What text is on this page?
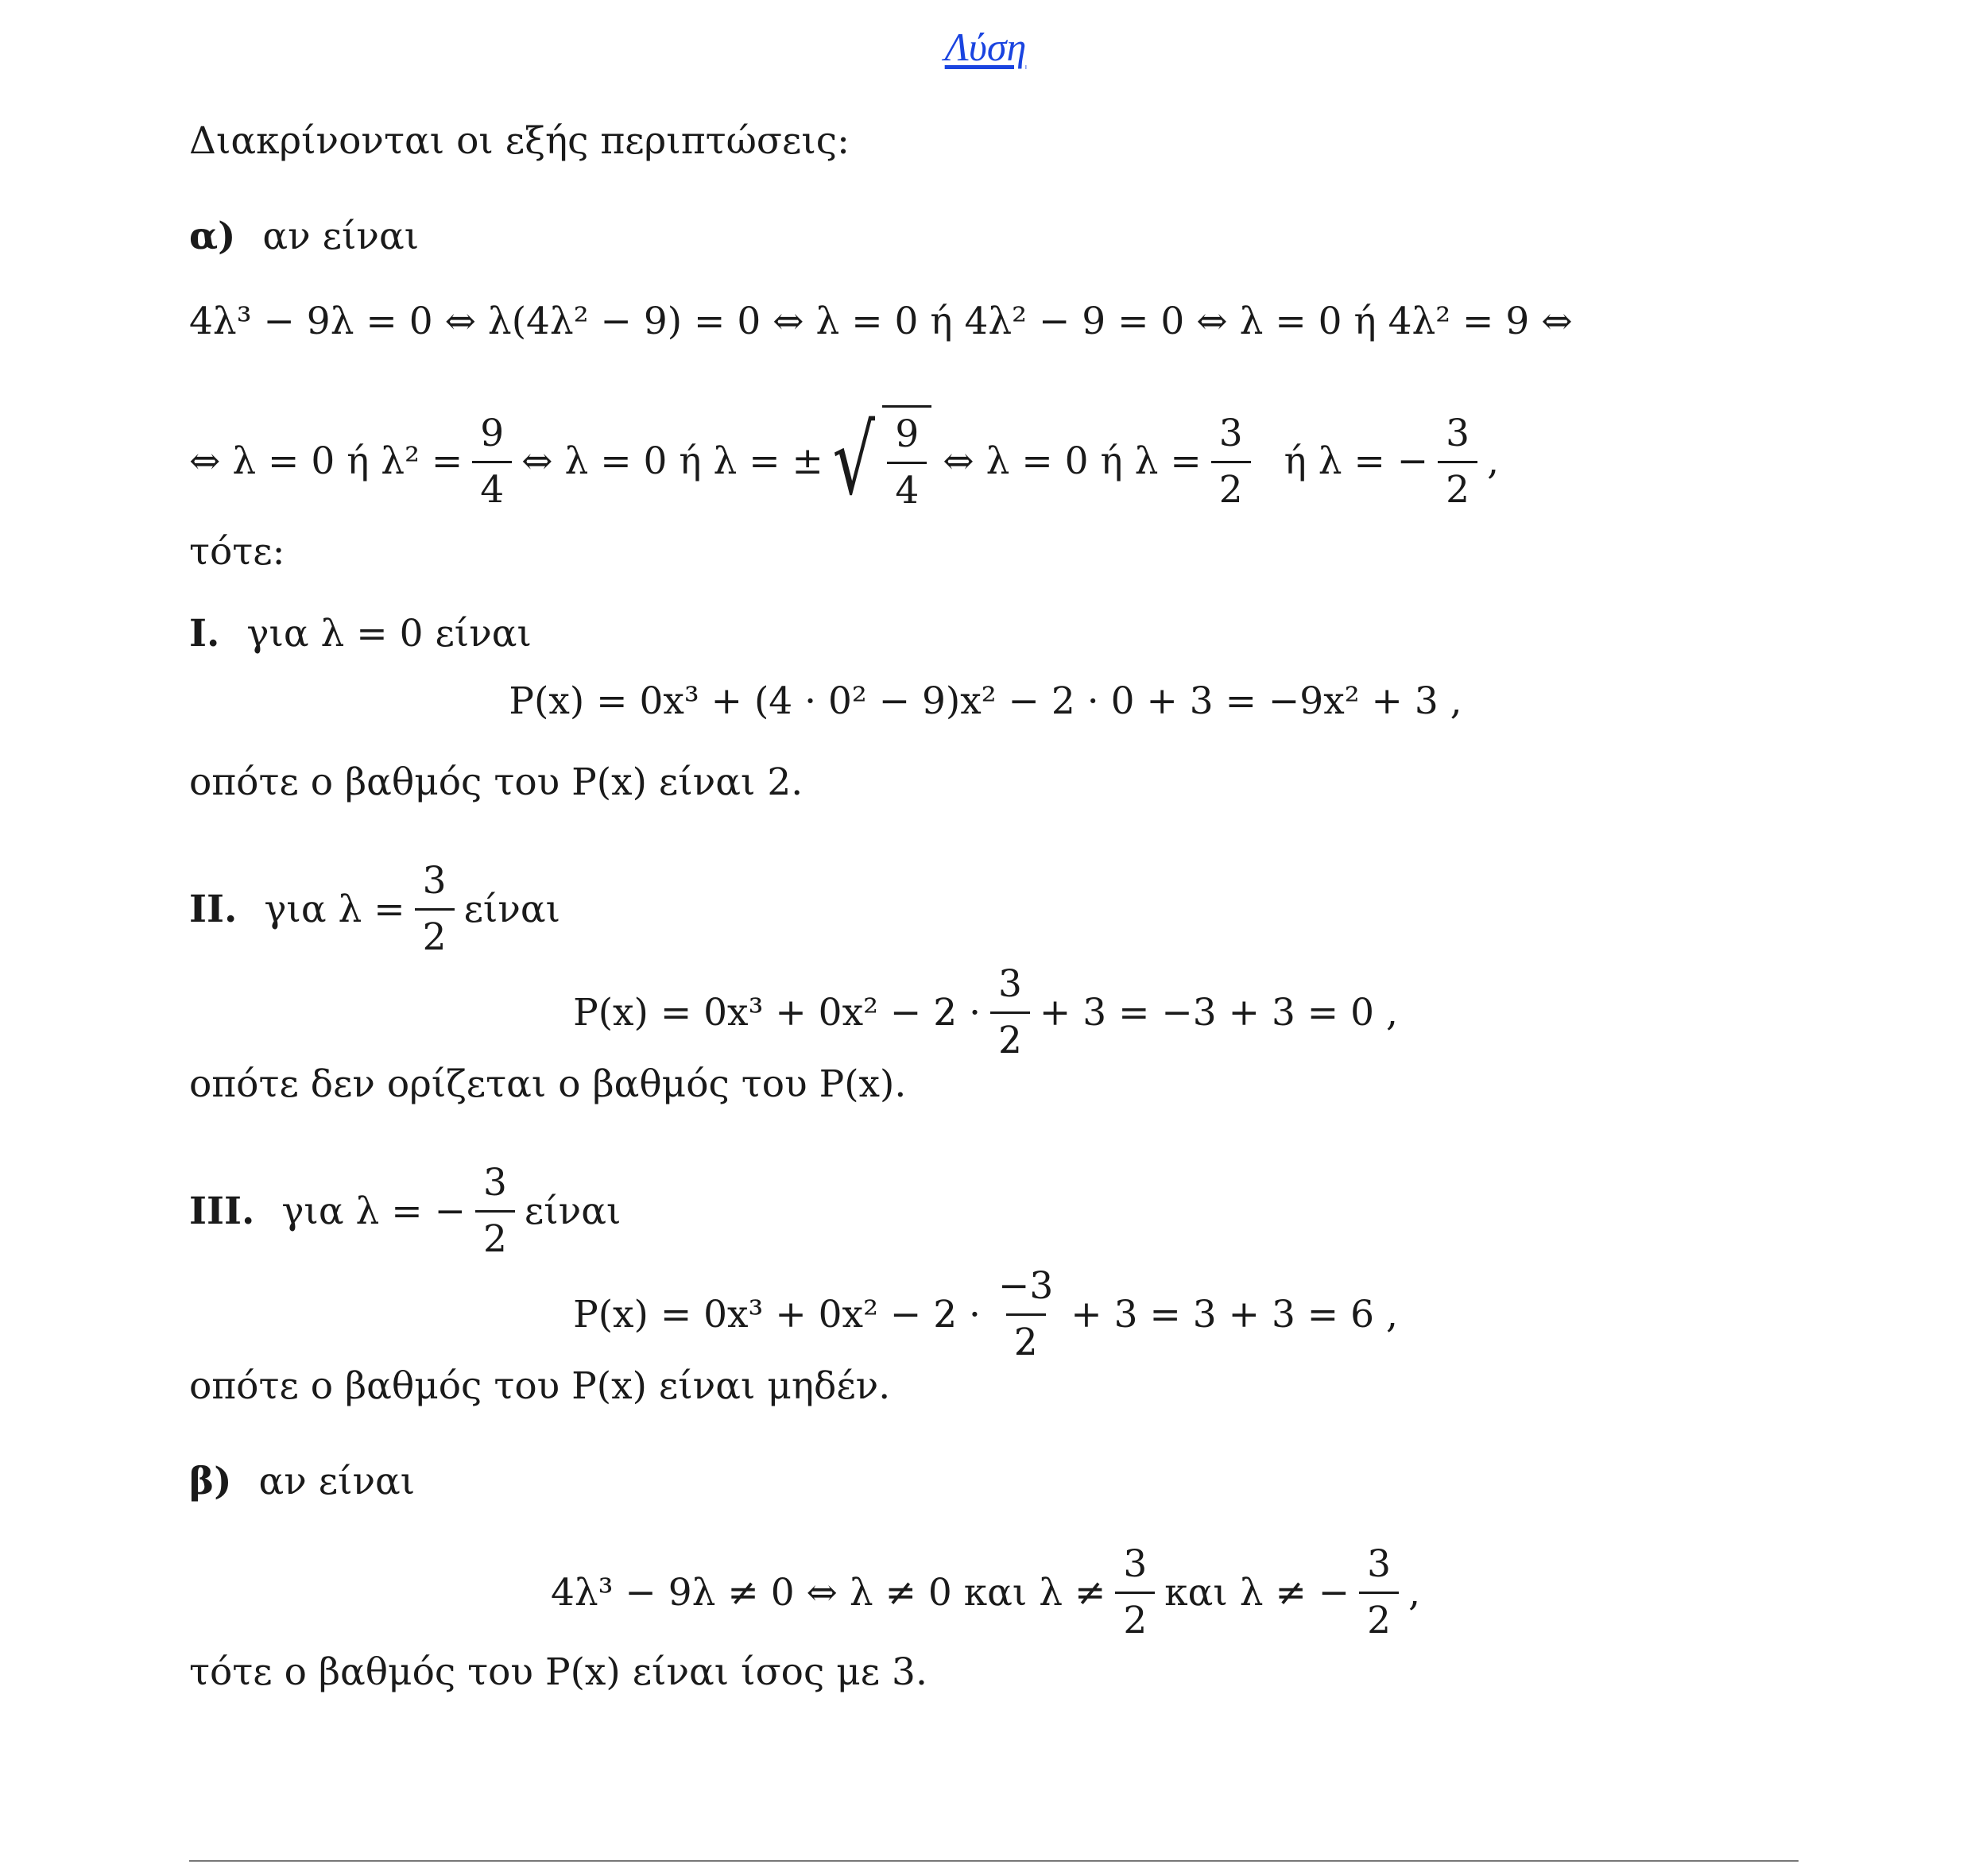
Λύση
Διακρίνονται οι εξής περιπτώσεις:
α) αν είναι
4λ³ − 9λ = 0 ⇔ λ(4λ² − 9) = 0 ⇔ λ = 0 ή 4λ² − 9 = 0 ⇔ λ = 0 ή 4λ² = 9 ⇔
⇔ λ = 0 ή $\lambda^2 = \frac{9}{4}$ ⇔ λ = 0 ή λ = ± √ $\frac{9}{4}$ ⇔ λ = 0 ή $\lambda = \frac{3}{2}$ ή λ = − $\frac{3}{2}$ ,
τότε:
I. για λ = 0 είναι
P(x) = 0x³ + (4 · 0² − 9)x² − 2 · 0 + 3 = −9x² + 3 ,
οπότε ο βαθμός του P(x) είναι 2.
II. για $\lambda = \frac{3}{2}$ είναι
P(x) = 0x³ + 0x² −
2
· $\frac{3}{2} + 3 = -3 + 3 = 0$ ,
οπότε δεν ορίζεται ο βαθμός του P(x).
III. για λ = − $\frac{3}{2}$ είναι
P(x) = 0x³ + 0x² −
2
· $\frac{-3}{2} + 3 = 3 + 3 = 6$ ,
οπότε ο βαθμός του P(x) είναι μηδέν.
β) αν είναι
4λ³ − 9λ ≠ 0 ⇔ λ ≠ 0 και $\lambda \ne \frac{3}{2}$ και λ ≠ − $\frac{3}{2}$ ,
τότε ο βαθμός του P(x) είναι ίσος με 3.
